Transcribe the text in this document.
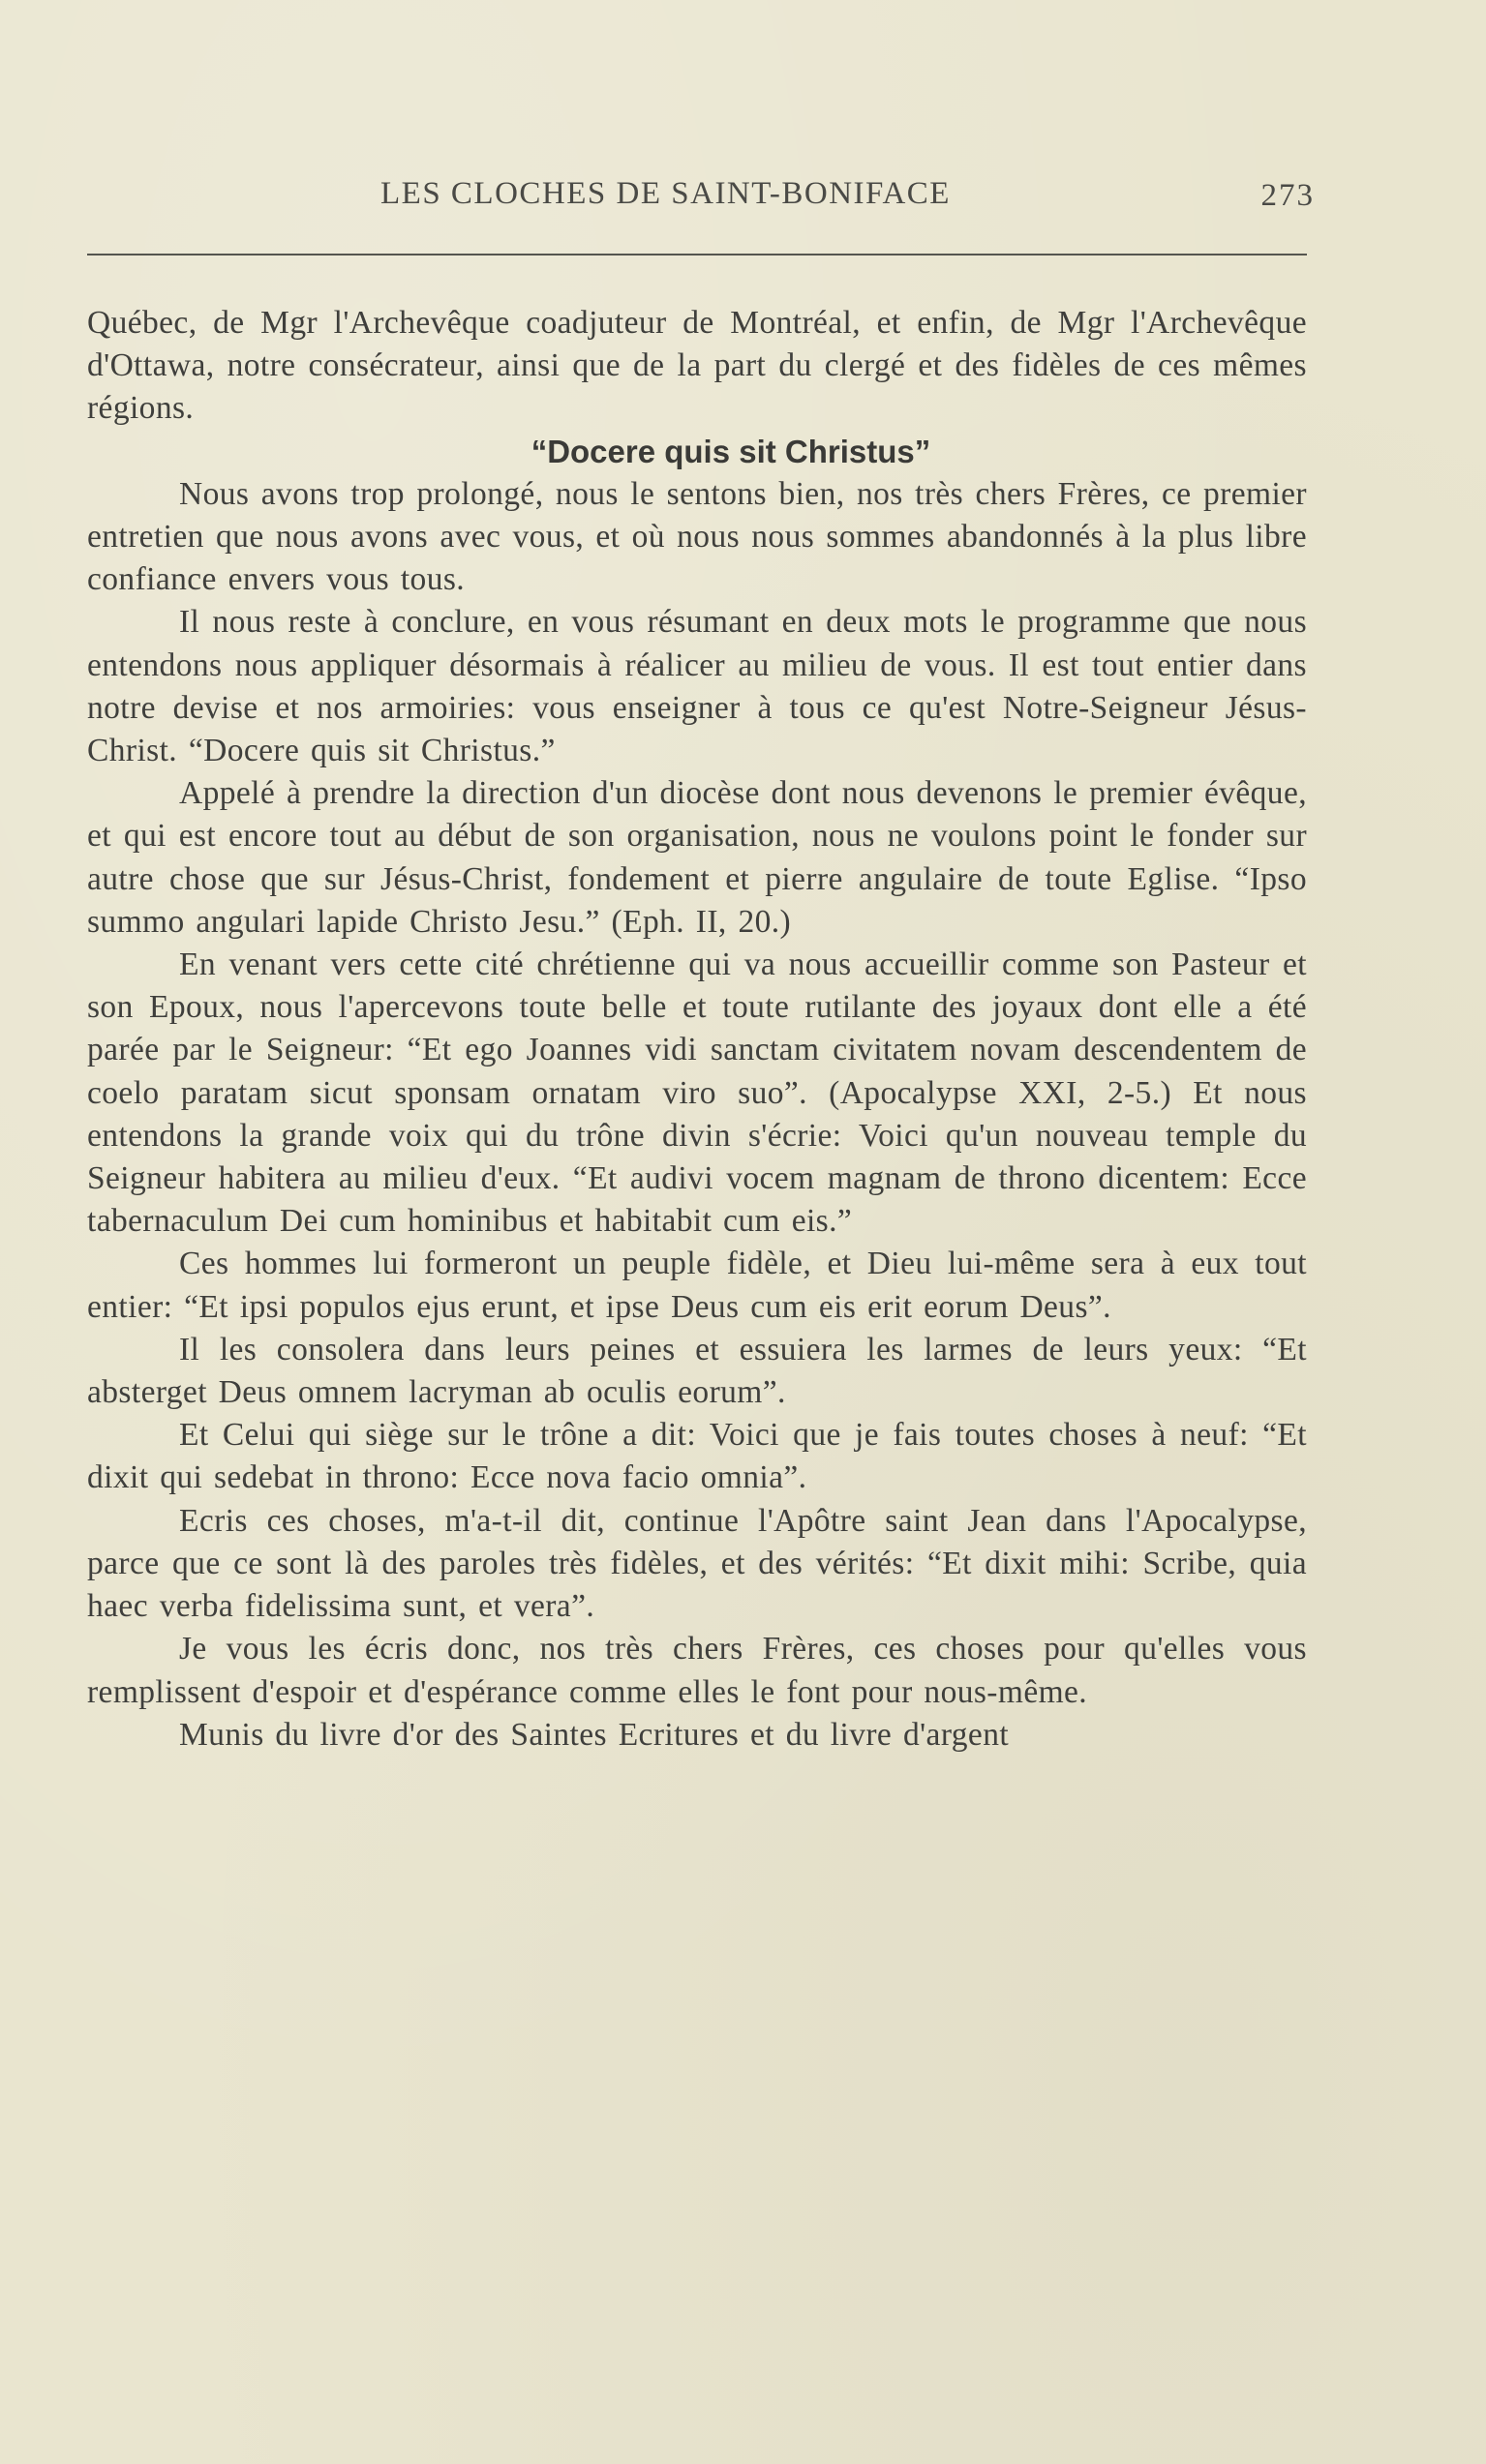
LES CLOCHES DE SAINT-BONIFACE	273

Québec, de Mgr l'Archevêque coadjuteur de Montréal, et enfin, de Mgr l'Archevêque d'Ottawa, notre consécrateur, ainsi que de la part du clergé et des fidèles de ces mêmes régions.

“Docere quis sit Christus”

Nous avons trop prolongé, nous le sentons bien, nos très chers Frères, ce premier entretien que nous avons avec vous, et où nous nous sommes abandonnés à la plus libre confiance envers vous tous.

Il nous reste à conclure, en vous résumant en deux mots le programme que nous entendons nous appliquer désormais à réalicer au milieu de vous. Il est tout entier dans notre devise et nos armoiries: vous enseigner à tous ce qu'est Notre-Seigneur Jésus-Christ. “Docere quis sit Christus.”

Appelé à prendre la direction d'un diocèse dont nous devenons le premier évêque, et qui est encore tout au début de son organisation, nous ne voulons point le fonder sur autre chose que sur Jésus-Christ, fondement et pierre angulaire de toute Eglise. “Ipso summo angulari lapide Christo Jesu.” (Eph. II, 20.)

En venant vers cette cité chrétienne qui va nous accueillir comme son Pasteur et son Epoux, nous l'apercevons toute belle et toute rutilante des joyaux dont elle a été parée par le Seigneur: “Et ego Joannes vidi sanctam civitatem novam descendentem de coelo paratam sicut sponsam ornatam viro suo”. (Apocalypse XXI, 2-5.) Et nous entendons la grande voix qui du trône divin s'écrie: Voici qu'un nouveau temple du Seigneur habitera au milieu d'eux. “Et audivi vocem magnam de throno dicentem: Ecce tabernaculum Dei cum hominibus et habitabit cum eis.”

Ces hommes lui formeront un peuple fidèle, et Dieu lui-même sera à eux tout entier: “Et ipsi populos ejus erunt, et ipse Deus cum eis erit eorum Deus”.

Il les consolera dans leurs peines et essuiera les larmes de leurs yeux: “Et absterget Deus omnem lacryman ab oculis eorum”.

Et Celui qui siège sur le trône a dit: Voici que je fais toutes choses à neuf: “Et dixit qui sedebat in throno: Ecce nova facio omnia”.

Ecris ces choses, m'a-t-il dit, continue l'Apôtre saint Jean dans l'Apocalypse, parce que ce sont là des paroles très fidèles, et des vérités: “Et dixit mihi: Scribe, quia haec verba fidelissima sunt, et vera”.

Je vous les écris donc, nos très chers Frères, ces choses pour qu'elles vous remplissent d'espoir et d'espérance comme elles le font pour nous-même.

Munis du livre d'or des Saintes Ecritures et du livre d'argent
